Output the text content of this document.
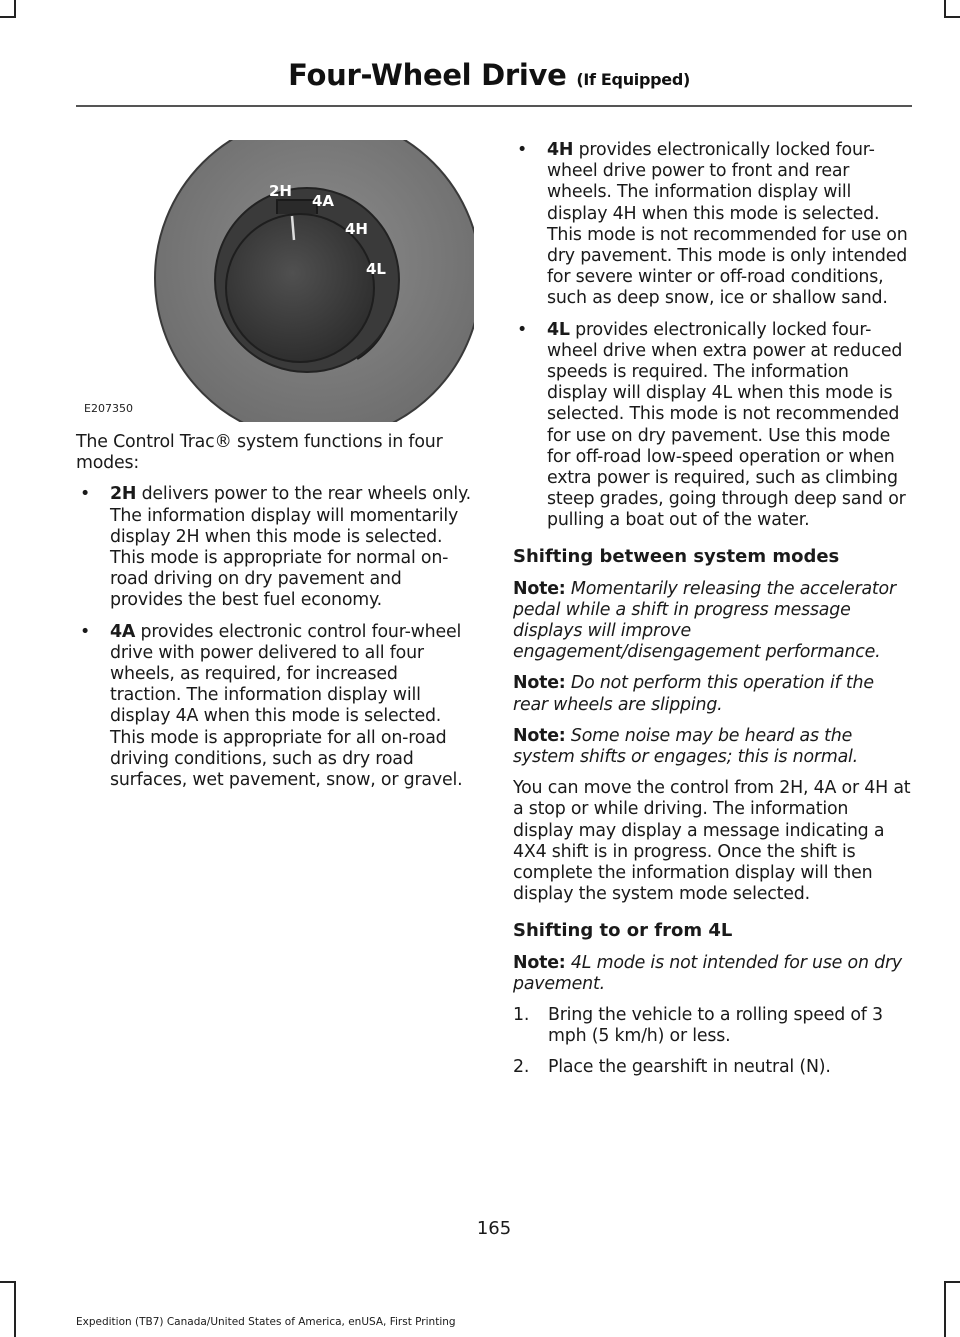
Four-Wheel Drive (If Equipped)
2H
4A
4H
4L
E207350

The Control Trac® system functions in four modes:

• 2H delivers power to the rear wheels only. The information display will momentarily display 2H when this mode is selected. This mode is appropriate for normal on-road driving on dry pavement and provides the best fuel economy.
• 4A provides electronic control four-wheel drive with power delivered to all four wheels, as required, for increased traction. The information display will display 4A when this mode is selected. This mode is appropriate for all on-road driving conditions, such as dry road surfaces, wet pavement, snow, or gravel.
• 4H provides electronically locked four-wheel drive power to front and rear wheels. The information display will display 4H when this mode is selected. This mode is not recommended for use on dry pavement. This mode is only intended for severe winter or off-road conditions, such as deep snow, ice or shallow sand.
• 4L provides electronically locked four-wheel drive when extra power at reduced speeds is required. The information display will display 4L when this mode is selected. This mode is not recommended for use on dry pavement. Use this mode for off-road low-speed operation or when extra power is required, such as climbing steep grades, going through deep sand or pulling a boat out of the water.
Shifting between system modes
Note: Momentarily releasing the accelerator pedal while a shift in progress message displays will improve engagement/disengagement performance.
Note: Do not perform this operation if the rear wheels are slipping.
Note: Some noise may be heard as the system shifts or engages; this is normal.

You can move the control from 2H, 4A or 4H at a stop or while driving. The information display may display a message indicating a 4X4 shift is in progress. Once the shift is complete the information display will then display the system mode selected.

Shifting to or from 4L
Note: 4L mode is not intended for use on dry pavement.
1. Bring the vehicle to a rolling speed of 3 mph (5 km/h) or less.
2. Place the gearshift in neutral (N).
165
Expedition (TB7) Canada/United States of America, enUSA, First Printing
